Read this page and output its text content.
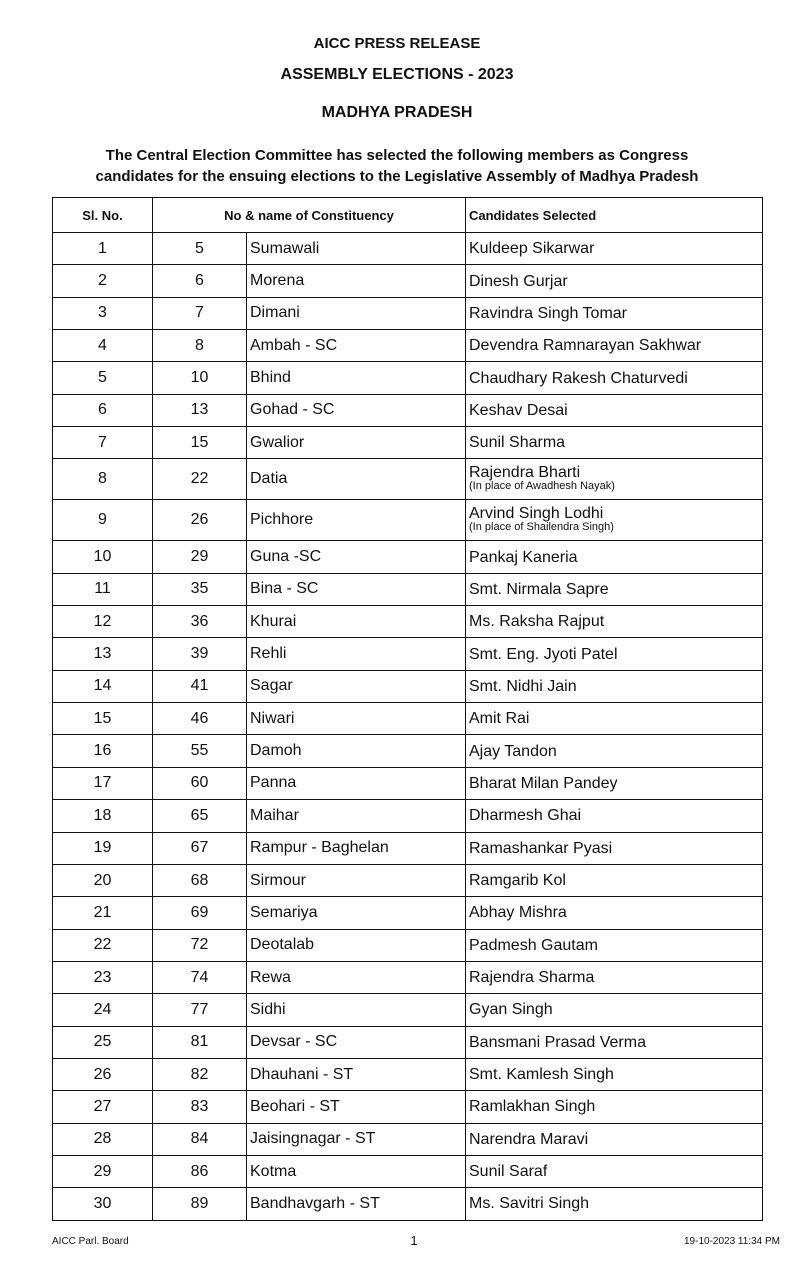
AICC PRESS RELEASE
ASSEMBLY ELECTIONS - 2023
MADHYA PRADESH
The Central Election Committee has selected the following members as Congress
candidates for the ensuing elections to the Legislative Assembly of Madhya Pradesh
Sl. No.	No & name of Constituency		Candidates Selected
1	5	Sumawali	Kuldeep Sikarwar
2	6	Morena	Dinesh Gurjar
3	7	Dimani	Ravindra Singh Tomar
4	8	Ambah - SC	Devendra Ramnarayan Sakhwar
5	10	Bhind	Chaudhary Rakesh Chaturvedi
6	13	Gohad - SC	Keshav Desai
7	15	Gwalior	Sunil Sharma
8	22	Datia	Rajendra Bharti
(In place of Awadhesh Nayak)

9	26	Pichhore	Arvind Singh Lodhi
(In place of Shailendra Singh)

10	29	Guna -SC	Pankaj Kaneria
11	35	Bina - SC	Smt. Nirmala Sapre
12	36	Khurai	Ms. Raksha Rajput
13	39	Rehli	Smt. Eng. Jyoti Patel
14	41	Sagar	Smt. Nidhi Jain
15	46	Niwari	Amit Rai
16	55	Damoh	Ajay Tandon
17	60	Panna	Bharat Milan Pandey
18	65	Maihar	Dharmesh Ghai
19	67	Rampur - Baghelan	Ramashankar Pyasi
20	68	Sirmour	Ramgarib Kol
21	69	Semariya	Abhay Mishra
22	72	Deotalab	Padmesh Gautam
23	74	Rewa	Rajendra Sharma
24	77	Sidhi	Gyan Singh
25	81	Devsar - SC	Bansmani Prasad Verma
26	82	Dhauhani - ST	Smt. Kamlesh Singh
27	83	Beohari - ST	Ramlakhan Singh
28	84	Jaisingnagar - ST	Narendra Maravi
29	86	Kotma	Sunil Saraf
30	89	Bandhavgarh - ST	Ms. Savitri Singh
AICC Parl. Board	1	19-10-2023 11:34 PM
